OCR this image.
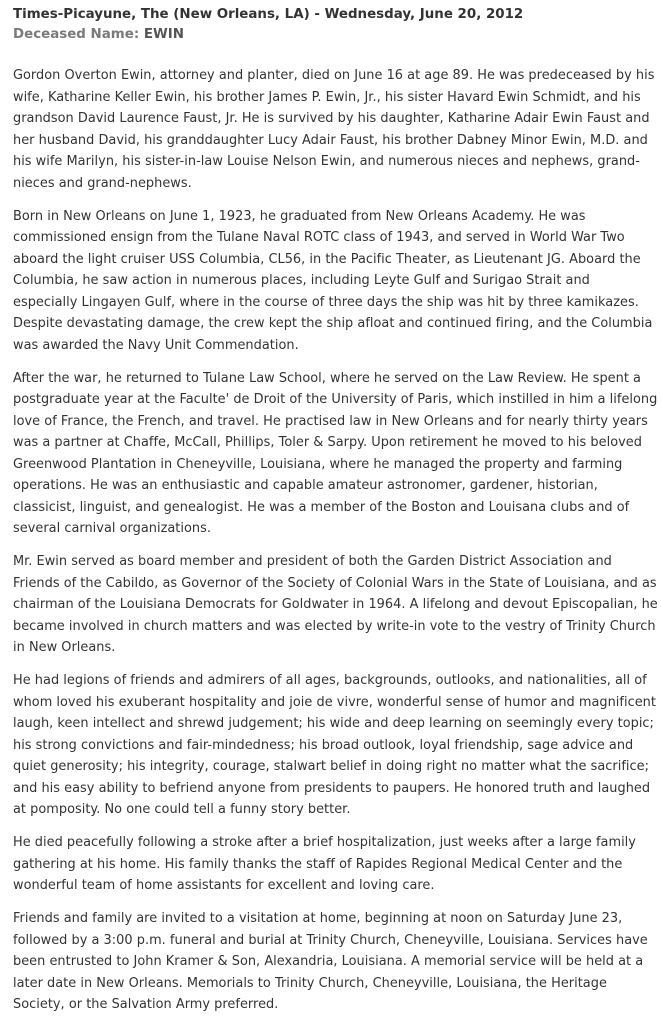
Times-Picayune, The (New Orleans, LA) - Wednesday, June 20, 2012
Deceased Name: EWIN

Gordon Overton Ewin, attorney and planter, died on June 16 at age 89. He was predeceased by his wife, Katharine Keller Ewin, his brother James P. Ewin, Jr., his sister Havard Ewin Schmidt, and his grandson David Laurence Faust, Jr. He is survived by his daughter, Katharine Adair Ewin Faust and her husband David, his granddaughter Lucy Adair Faust, his brother Dabney Minor Ewin, M.D. and his wife Marilyn, his sister-in-law Louise Nelson Ewin, and numerous nieces and nephews, grand-nieces and grand-nephews.

Born in New Orleans on June 1, 1923, he graduated from New Orleans Academy. He was commissioned ensign from the Tulane Naval ROTC class of 1943, and served in World War Two aboard the light cruiser USS Columbia, CL56, in the Pacific Theater, as Lieutenant JG. Aboard the Columbia, he saw action in numerous places, including Leyte Gulf and Surigao Strait and especially Lingayen Gulf, where in the course of three days the ship was hit by three kamikazes. Despite devastating damage, the crew kept the ship afloat and continued firing, and the Columbia was awarded the Navy Unit Commendation.

After the war, he returned to Tulane Law School, where he served on the Law Review. He spent a postgraduate year at the Faculte' de Droit of the University of Paris, which instilled in him a lifelong love of France, the French, and travel. He practised law in New Orleans and for nearly thirty years was a partner at Chaffe, McCall, Phillips, Toler & Sarpy. Upon retirement he moved to his beloved Greenwood Plantation in Cheneyville, Louisiana, where he managed the property and farming operations. He was an enthusiastic and capable amateur astronomer, gardener, historian, classicist, linguist, and genealogist. He was a member of the Boston and Louisana clubs and of several carnival organizations.

Mr. Ewin served as board member and president of both the Garden District Association and Friends of the Cabildo, as Governor of the Society of Colonial Wars in the State of Louisiana, and as chairman of the Louisiana Democrats for Goldwater in 1964. A lifelong and devout Episcopalian, he became involved in church matters and was elected by write-in vote to the vestry of Trinity Church in New Orleans.

He had legions of friends and admirers of all ages, backgrounds, outlooks, and nationalities, all of whom loved his exuberant hospitality and joie de vivre, wonderful sense of humor and magnificent laugh, keen intellect and shrewd judgement; his wide and deep learning on seemingly every topic; his strong convictions and fair-mindedness; his broad outlook, loyal friendship, sage advice and quiet generosity; his integrity, courage, stalwart belief in doing right no matter what the sacrifice; and his easy ability to befriend anyone from presidents to paupers. He honored truth and laughed at pomposity. No one could tell a funny story better.

He died peacefully following a stroke after a brief hospitalization, just weeks after a large family gathering at his home. His family thanks the staff of Rapides Regional Medical Center and the wonderful team of home assistants for excellent and loving care.

Friends and family are invited to a visitation at home, beginning at noon on Saturday June 23, followed by a 3:00 p.m. funeral and burial at Trinity Church, Cheneyville, Louisiana. Services have been entrusted to John Kramer & Son, Alexandria, Louisiana. A memorial service will be held at a later date in New Orleans. Memorials to Trinity Church, Cheneyville, Louisiana, the Heritage Society, or the Salvation Army preferred.
